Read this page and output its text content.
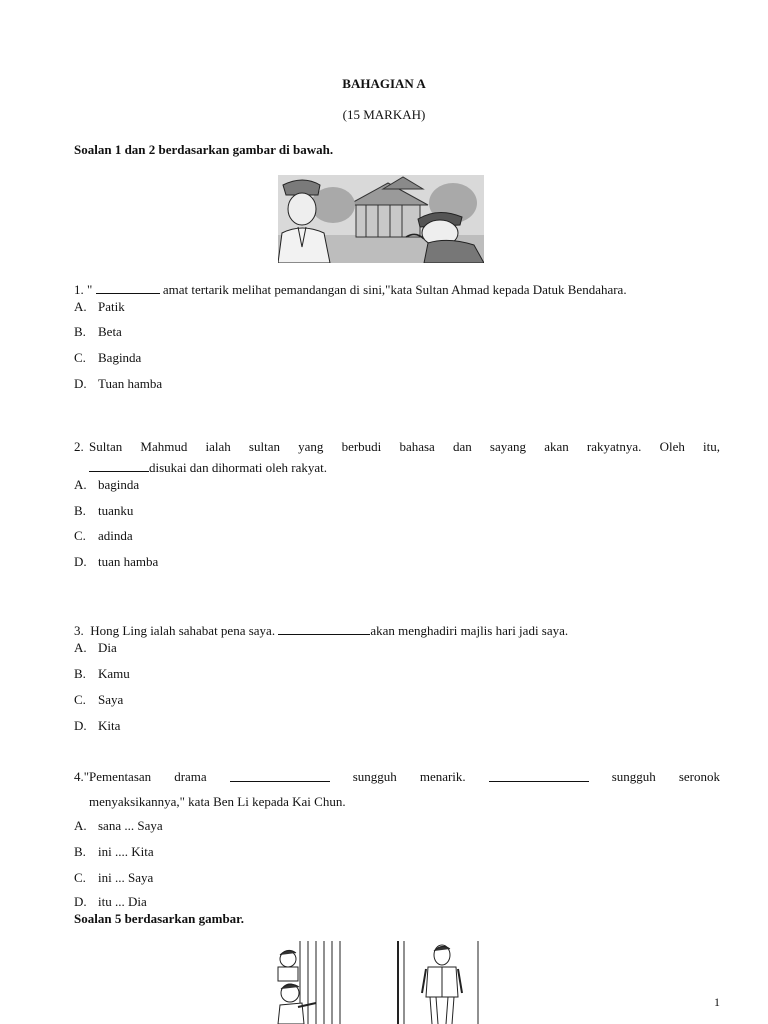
BAHAGIAN A
(15 MARKAH)
Soalan 1 dan 2 berdasarkan gambar di bawah.
1. "	amat tertarik melihat pemandangan di sini,"kata Sultan Ahmad kepada Datuk Bendahara.
A. Patik
B. Beta
C. Baginda
D. Tuan hamba
2. Sultan Mahmud ialah sultan yang berbudi bahasa dan sayang akan rakyatnya. Oleh itu,
disukai dan dihormati oleh rakyat.
A. baginda
B. tuanku
C. adinda
D. tuan hamba
3. Hong Ling ialah sahabat pena saya.	akan menghadiri majlis hari jadi saya.
A. Dia
B. Kamu
C. Saya
D. Kita
4."Pementasan drama	sungguh menarik.	sungguh seronok
menyaksikannya," kata Ben Li kepada Kai Chun.
A. sana ... Saya
B. ini .... Kita
C. ini ... Saya
D. itu ... Dia
Soalan 5 berdasarkan gambar.
1
